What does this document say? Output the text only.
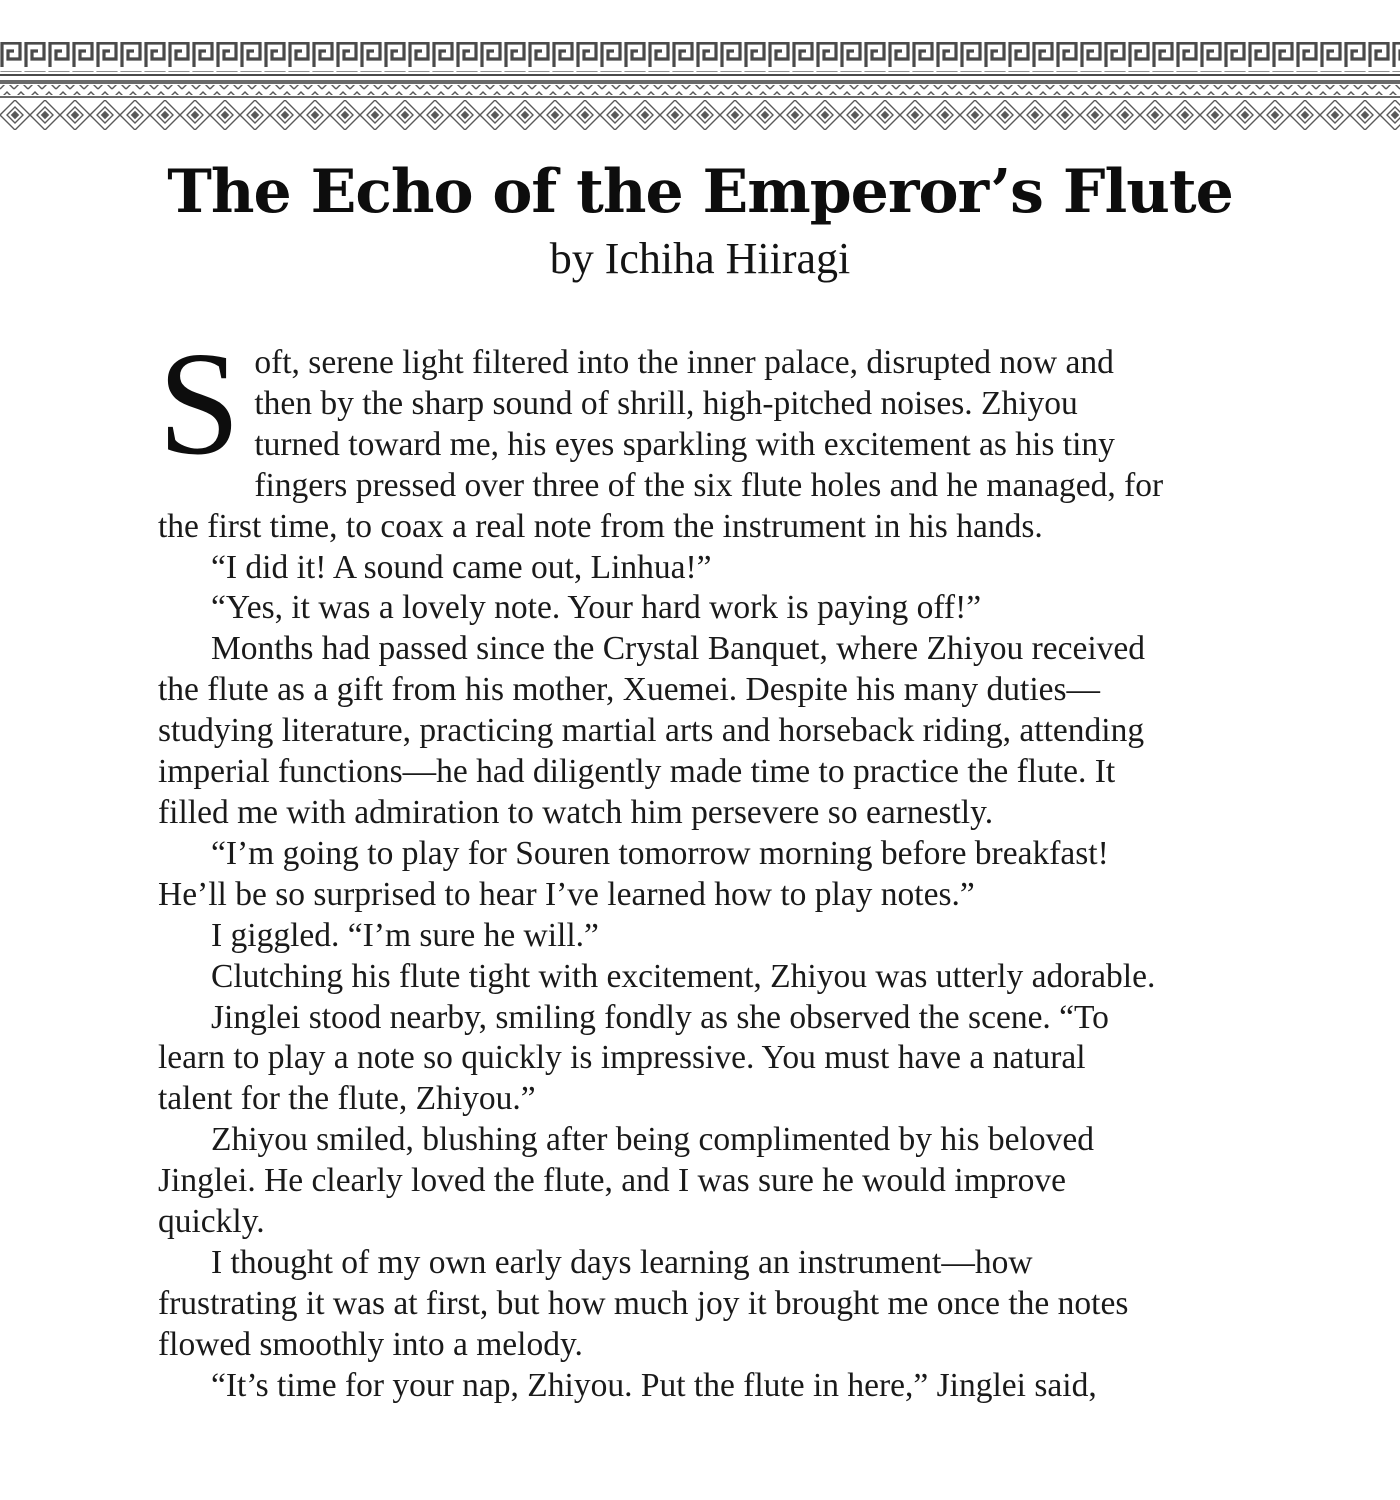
The Echo of the Emperor’s Flute
by Ichiha Hiiragi

Soft, serene light filtered into the inner palace, disrupted now and then by the sharp sound of shrill, high-pitched noises. Zhiyou turned toward me, his eyes sparkling with excitement as his tiny fingers pressed over three of the six flute holes and he managed, for the first time, to coax a real note from the instrument in his hands.

“I did it! A sound came out, Linhua!”

“Yes, it was a lovely note. Your hard work is paying off!”

Months had passed since the Crystal Banquet, where Zhiyou received the flute as a gift from his mother, Xuemei. Despite his many duties—studying literature, practicing martial arts and horseback riding, attending imperial functions—he had diligently made time to practice the flute. It filled me with admiration to watch him persevere so earnestly.

“I’m going to play for Souren tomorrow morning before breakfast! He’ll be so surprised to hear I’ve learned how to play notes.”

I giggled. “I’m sure he will.”

Clutching his flute tight with excitement, Zhiyou was utterly adorable.

Jinglei stood nearby, smiling fondly as she observed the scene. “To learn to play a note so quickly is impressive. You must have a natural talent for the flute, Zhiyou.”

Zhiyou smiled, blushing after being complimented by his beloved Jinglei. He clearly loved the flute, and I was sure he would improve quickly.

I thought of my own early days learning an instrument—how frustrating it was at first, but how much joy it brought me once the notes flowed smoothly into a melody.

“It’s time for your nap, Zhiyou. Put the flute in here,” Jinglei said,
